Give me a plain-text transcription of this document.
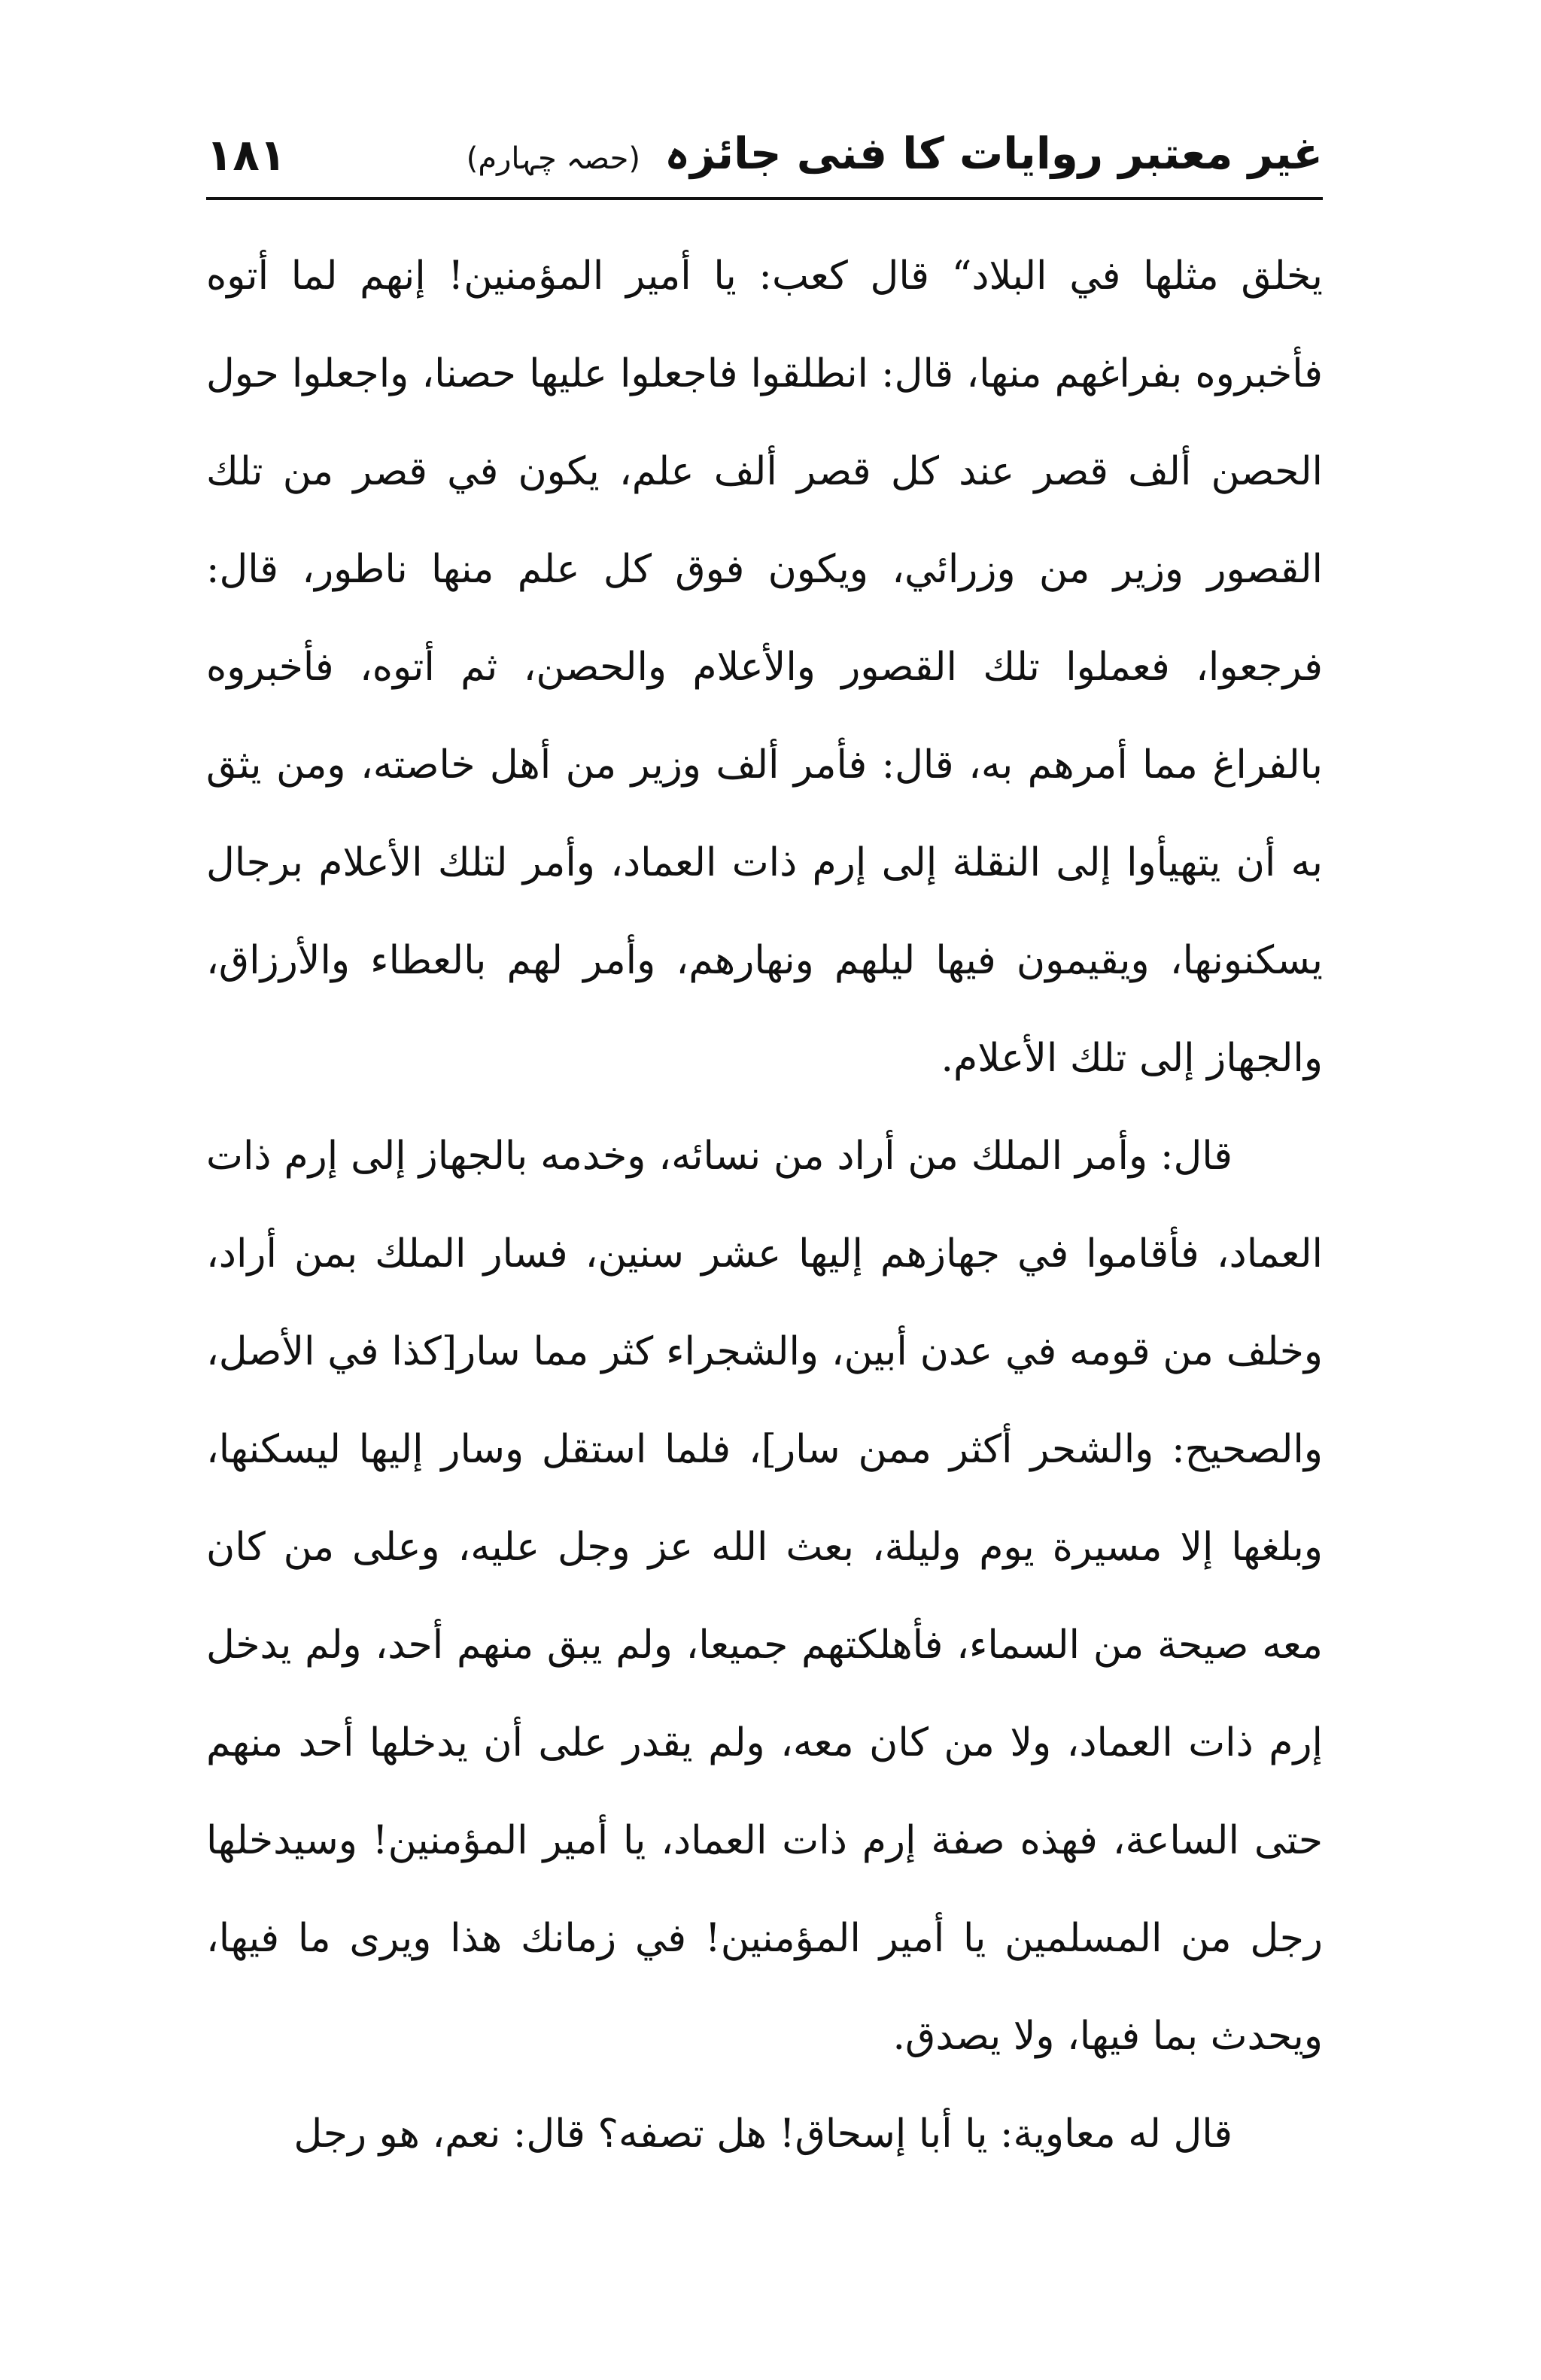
غیر معتبر روایات کا فنی جائزہ (حصہ چہارم)
١٨١

يخلق مثلها في البلاد“ قال كعب: يا أمير المؤمنين! إنهم لما أتوه فأخبروه بفراغهم منها، قال: انطلقوا فاجعلوا عليها حصنا، واجعلوا حول الحصن ألف قصر عند كل قصر ألف علم، يكون في قصر من تلك القصور وزير من وزرائي، ويكون فوق كل علم منها ناطور، قال: فرجعوا، فعملوا تلك القصور والأعلام والحصن، ثم أتوه، فأخبروه بالفراغ مما أمرهم به، قال: فأمر ألف وزير من أهل خاصته، ومن يثق به أن يتهيأوا إلى النقلة إلى إرم ذات العماد، وأمر لتلك الأعلام برجال يسكنونها، ويقيمون فيها ليلهم ونهارهم، وأمر لهم بالعطاء والأرزاق، والجهاز إلى تلك الأعلام.

قال: وأمر الملك من أراد من نسائه، وخدمه بالجهاز إلى إرم ذات العماد، فأقاموا في جهازهم إليها عشر سنين، فسار الملك بمن أراد، وخلف من قومه في عدن أبين، والشجراء كثر مما سار[كذا في الأصل، والصحيح: والشحر أكثر ممن سار]، فلما استقل وسار إليها ليسكنها، وبلغها إلا مسيرة يوم وليلة، بعث الله عز وجل عليه، وعلى من كان معه صيحة من السماء، فأهلكتهم جميعا، ولم يبق منهم أحد، ولم يدخل إرم ذات العماد، ولا من كان معه، ولم يقدر على أن يدخلها أحد منهم حتى الساعة، فهذه صفة إرم ذات العماد، يا أمير المؤمنين! وسيدخلها رجل من المسلمين يا أمير المؤمنين! في زمانك هذا ويرى ما فيها، ويحدث بما فيها، ولا يصدق.

قال له معاوية: يا أبا إسحاق! هل تصفه؟ قال: نعم، هو رجل
